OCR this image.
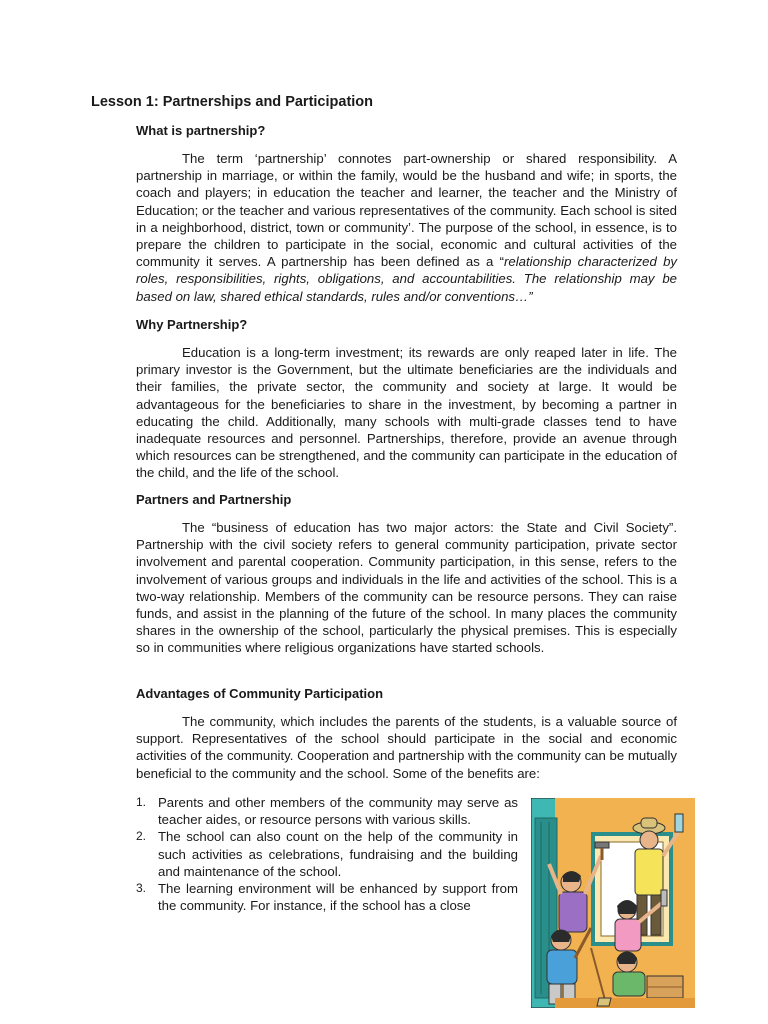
Lesson 1: Partnerships and Participation
What is partnership?

The term ‘partnership’ connotes part-ownership or shared responsibility. A partnership in marriage, or within the family, would be the husband and wife; in sports, the coach and players; in education the teacher and learner, the teacher and the Ministry of Education; or the teacher and various representatives of the community. Each school is sited in a neighborhood, district, town or community’. The purpose of the school, in essence, is to prepare the children to participate in the social, economic and cultural activities of the community it serves. A partnership has been defined as a “relationship characterized by roles, responsibilities, rights, obligations, and accountabilities. The relationship may be based on law, shared ethical standards, rules and/or conventions…”

Why Partnership?

Education is a long-term investment; its rewards are only reaped later in life. The primary investor is the Government, but the ultimate beneficiaries are the individuals and their families, the private sector, the community and society at large. It would be advantageous for the beneficiaries to share in the investment, by becoming a partner in educating the child. Additionally, many schools with multi-grade classes tend to have inadequate resources and personnel. Partnerships, therefore, provide an avenue through which resources can be strengthened, and the community can participate in the education of the child, and the life of the school.

Partners and Partnership

The “business of education has two major actors: the State and Civil Society”. Partnership with the civil society refers to general community participation, private sector involvement and parental cooperation. Community participation, in this sense, refers to the involvement of various groups and individuals in the life and activities of the school. This is a two-way relationship. Members of the community can be resource persons. They can raise funds, and assist in the planning of the future of the school. In many places the community shares in the ownership of the school, particularly the physical premises. This is especially so in communities where religious organizations have started schools.

Advantages of Community Participation

The community, which includes the parents of the students, is a valuable source of support. Representatives of the school should participate in the social and economic activities of the community. Cooperation and partnership with the community can be mutually beneficial to the community and the school. Some of the benefits are:

1. Parents and other members of the community may serve as teacher aides, or resource persons with various skills.
2. The school can also count on the help of the community in such activities as celebrations, fundraising and the building and maintenance of the school.
3. The learning environment will be enhanced by support from the community. For instance, if the school has a close
